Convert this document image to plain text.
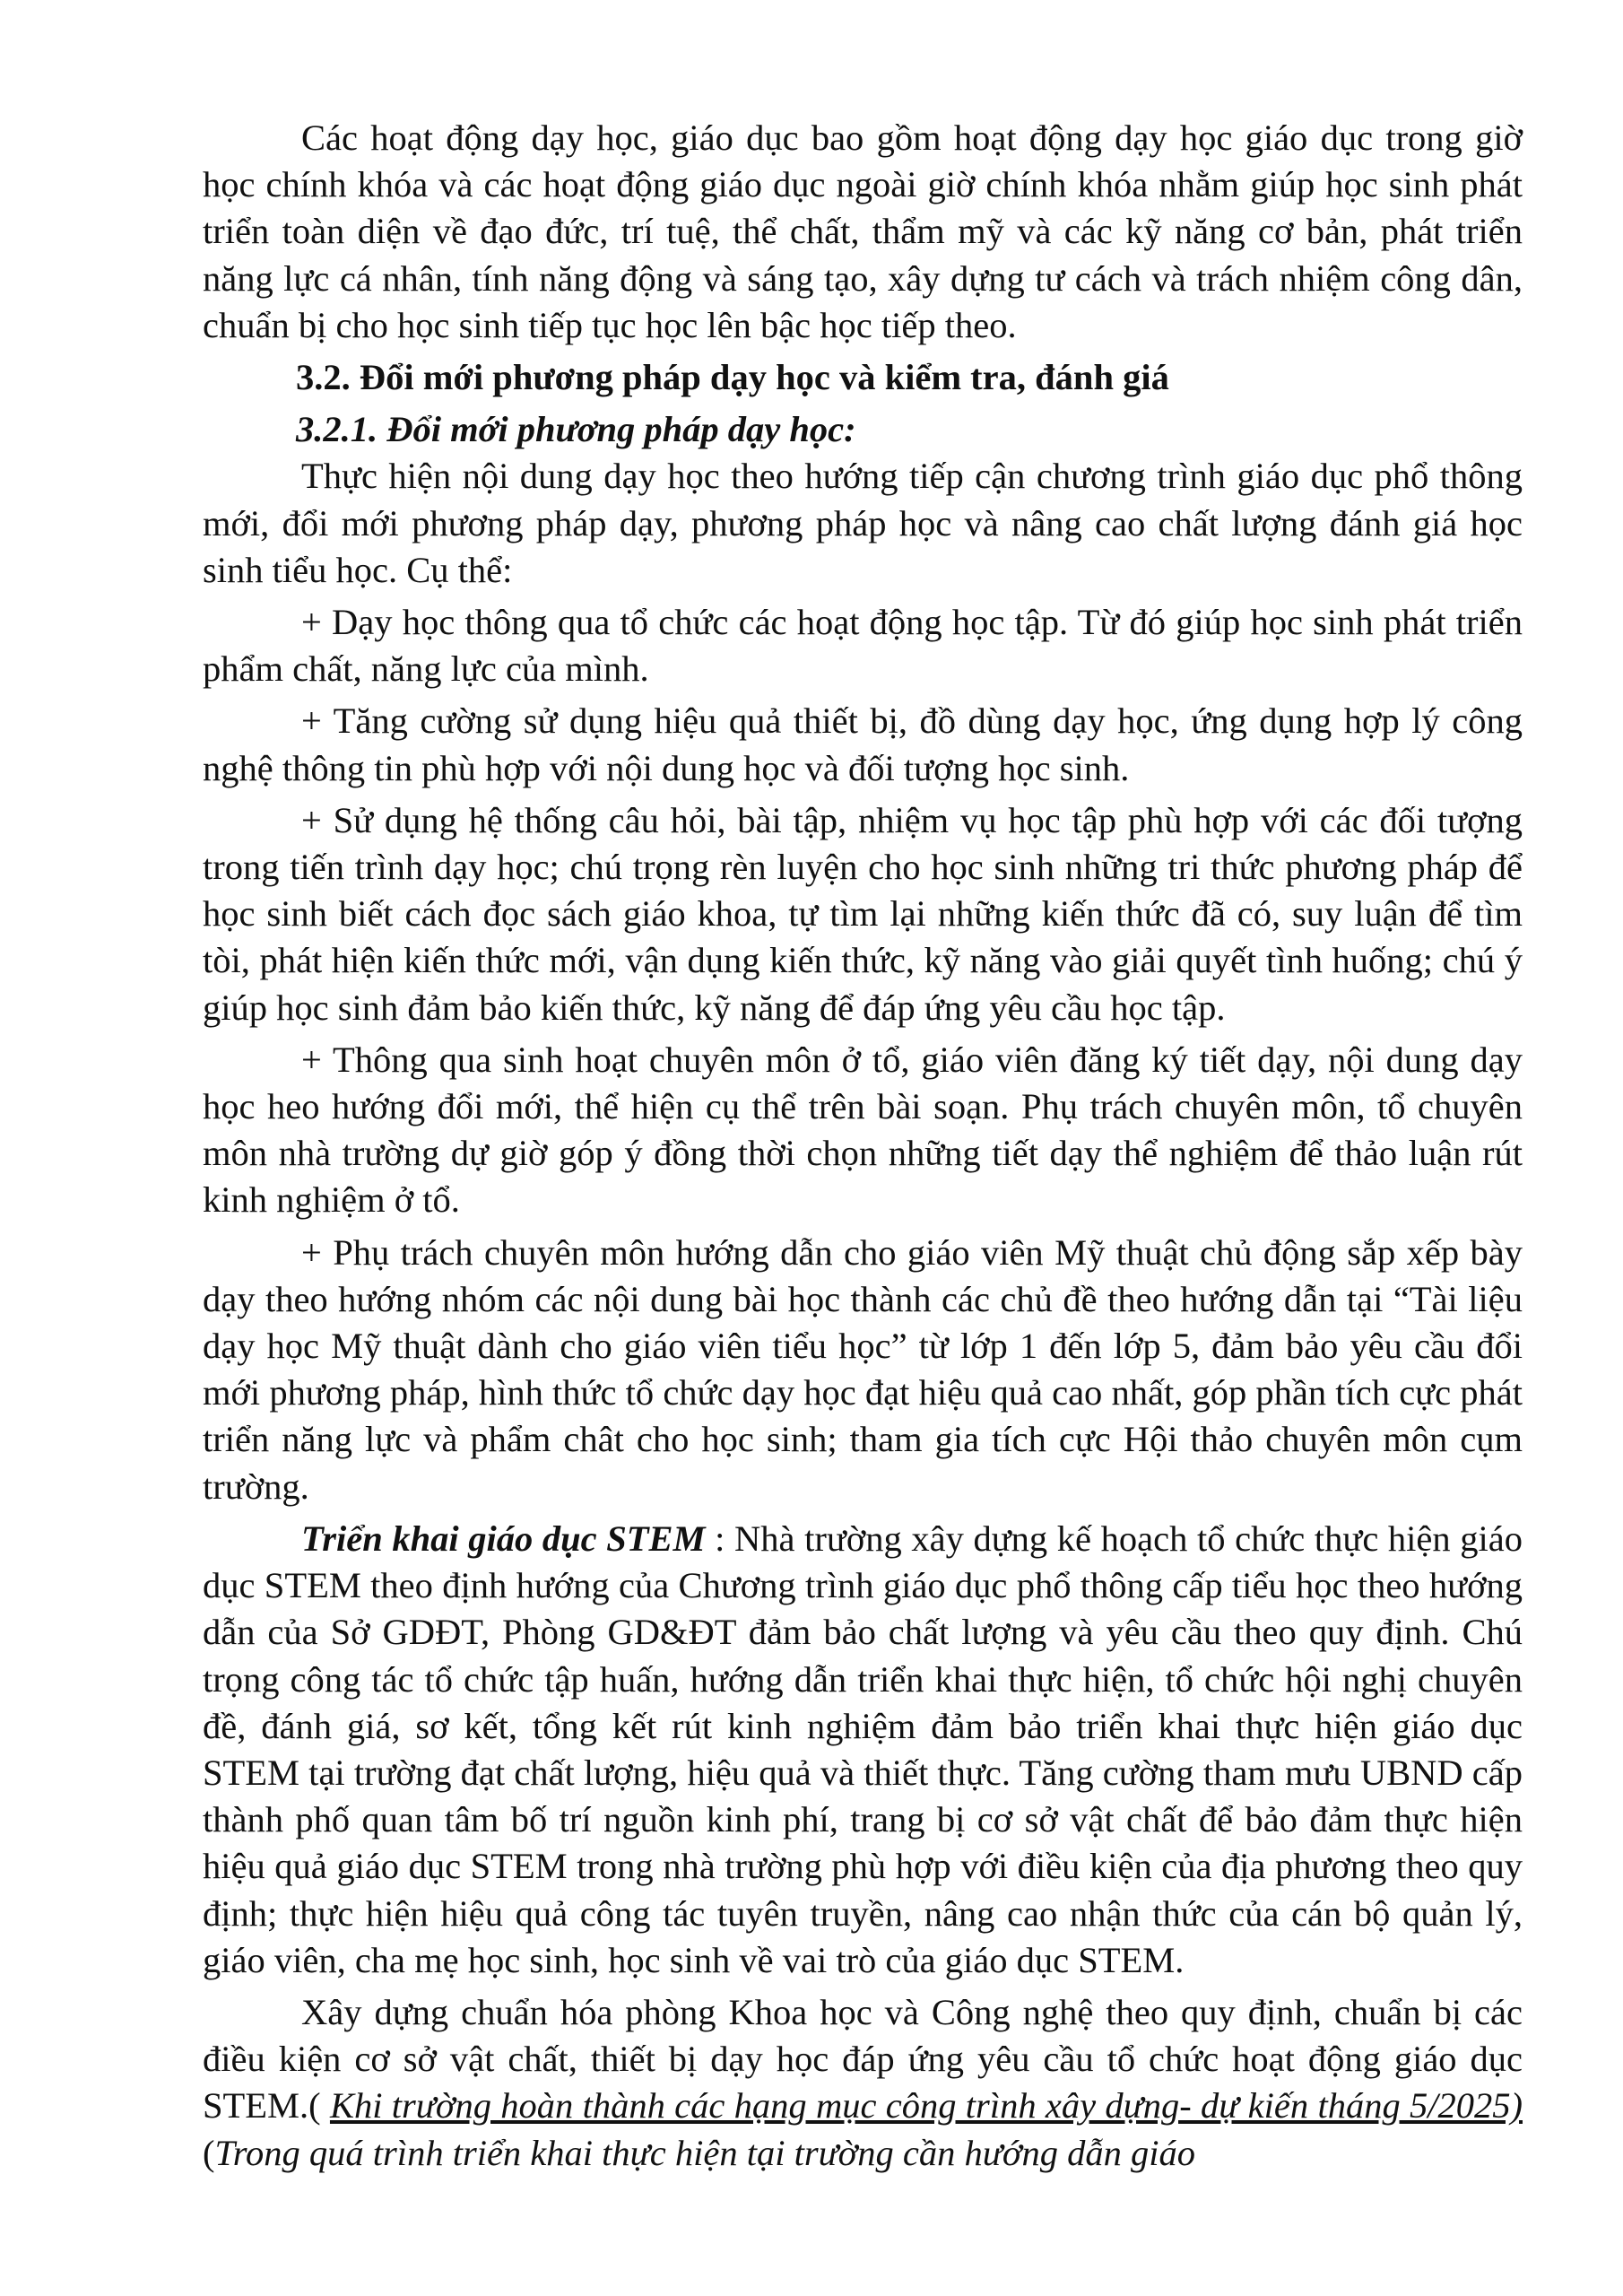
Các hoạt động dạy học, giáo dục bao gồm hoạt động dạy học giáo dục trong giờ học chính khóa và các hoạt động giáo dục ngoài giờ chính khóa nhằm giúp học sinh phát triển toàn diện về đạo đức, trí tuệ, thể chất, thẩm mỹ và các kỹ năng cơ bản, phát triển năng lực cá nhân, tính năng động và sáng tạo, xây dựng tư cách và trách nhiệm công dân, chuẩn bị cho học sinh tiếp tục học lên bậc học tiếp theo.

3.2. Đổi mới phương pháp dạy học và kiểm tra, đánh giá

3.2.1. Đổi mới phương pháp dạy học:

Thực hiện nội dung dạy học theo hướng tiếp cận chương trình giáo dục phổ thông mới, đổi mới phương pháp dạy, phương pháp học và nâng cao chất lượng đánh giá học sinh tiểu học. Cụ thể:

+ Dạy học thông qua tổ chức các hoạt động học tập. Từ đó giúp học sinh phát triển phẩm chất, năng lực của mình.

+ Tăng cường sử dụng hiệu quả thiết bị, đồ dùng dạy học, ứng dụng hợp lý công nghệ thông tin phù hợp với nội dung học và đối tượng học sinh.

+ Sử dụng hệ thống câu hỏi, bài tập, nhiệm vụ học tập phù hợp với các đối tượng trong tiến trình dạy học; chú trọng rèn luyện cho học sinh những tri thức phương pháp để học sinh biết cách đọc sách giáo khoa, tự tìm lại những kiến thức đã có, suy luận để tìm tòi, phát hiện kiến thức mới, vận dụng kiến thức, kỹ năng vào giải quyết tình huống; chú ý giúp học sinh đảm bảo kiến thức, kỹ năng để đáp ứng yêu cầu học tập.

+ Thông qua sinh hoạt chuyên môn ở tổ, giáo viên đăng ký tiết dạy, nội dung dạy học heo hướng đổi mới, thể hiện cụ thể trên bài soạn. Phụ trách chuyên môn, tổ chuyên môn nhà trường dự giờ góp ý đồng thời chọn những tiết dạy thể nghiệm để thảo luận rút kinh nghiệm ở tổ.

+ Phụ trách chuyên môn hướng dẫn cho giáo viên Mỹ thuật chủ động sắp xếp bày dạy theo hướng nhóm các nội dung bài học thành các chủ đề theo hướng dẫn tại “Tài liệu dạy học Mỹ thuật dành cho giáo viên tiểu học” từ lớp 1 đến lớp 5, đảm bảo yêu cầu đổi mới phương pháp, hình thức tổ chức dạy học đạt hiệu quả cao nhất, góp phần tích cực phát triển năng lực và phẩm chât cho học sinh; tham gia tích cực Hội thảo chuyên môn cụm trường.

Triển khai giáo dục STEM : Nhà trường xây dựng kế hoạch tổ chức thực hiện giáo dục STEM theo định hướng của Chương trình giáo dục phổ thông cấp tiểu học theo hướng dẫn của Sở GDĐT, Phòng GD&ĐT đảm bảo chất lượng và yêu cầu theo quy định. Chú trọng công tác tổ chức tập huấn, hướng dẫn triển khai thực hiện, tổ chức hội nghị chuyên đề, đánh giá, sơ kết, tổng kết rút kinh nghiệm đảm bảo triển khai thực hiện giáo dục STEM tại trường đạt chất lượng, hiệu quả và thiết thực. Tăng cường tham mưu UBND cấp thành phố quan tâm bố trí nguồn kinh phí, trang bị cơ sở vật chất để bảo đảm thực hiện hiệu quả giáo dục STEM trong nhà trường phù hợp với điều kiện của địa phương theo quy định; thực hiện hiệu quả công tác tuyên truyền, nâng cao nhận thức của cán bộ quản lý, giáo viên, cha mẹ học sinh, học sinh về vai trò của giáo dục STEM.

Xây dựng chuẩn hóa phòng Khoa học và Công nghệ theo quy định, chuẩn bị các điều kiện cơ sở vật chất, thiết bị dạy học đáp ứng yêu cầu tổ chức hoạt động giáo dục STEM.( Khi trường hoàn thành các hạng mục công trình xây dựng- dự kiến tháng 5/2025) (Trong quá trình triển khai thực hiện tại trường cần hướng dẫn giáo
